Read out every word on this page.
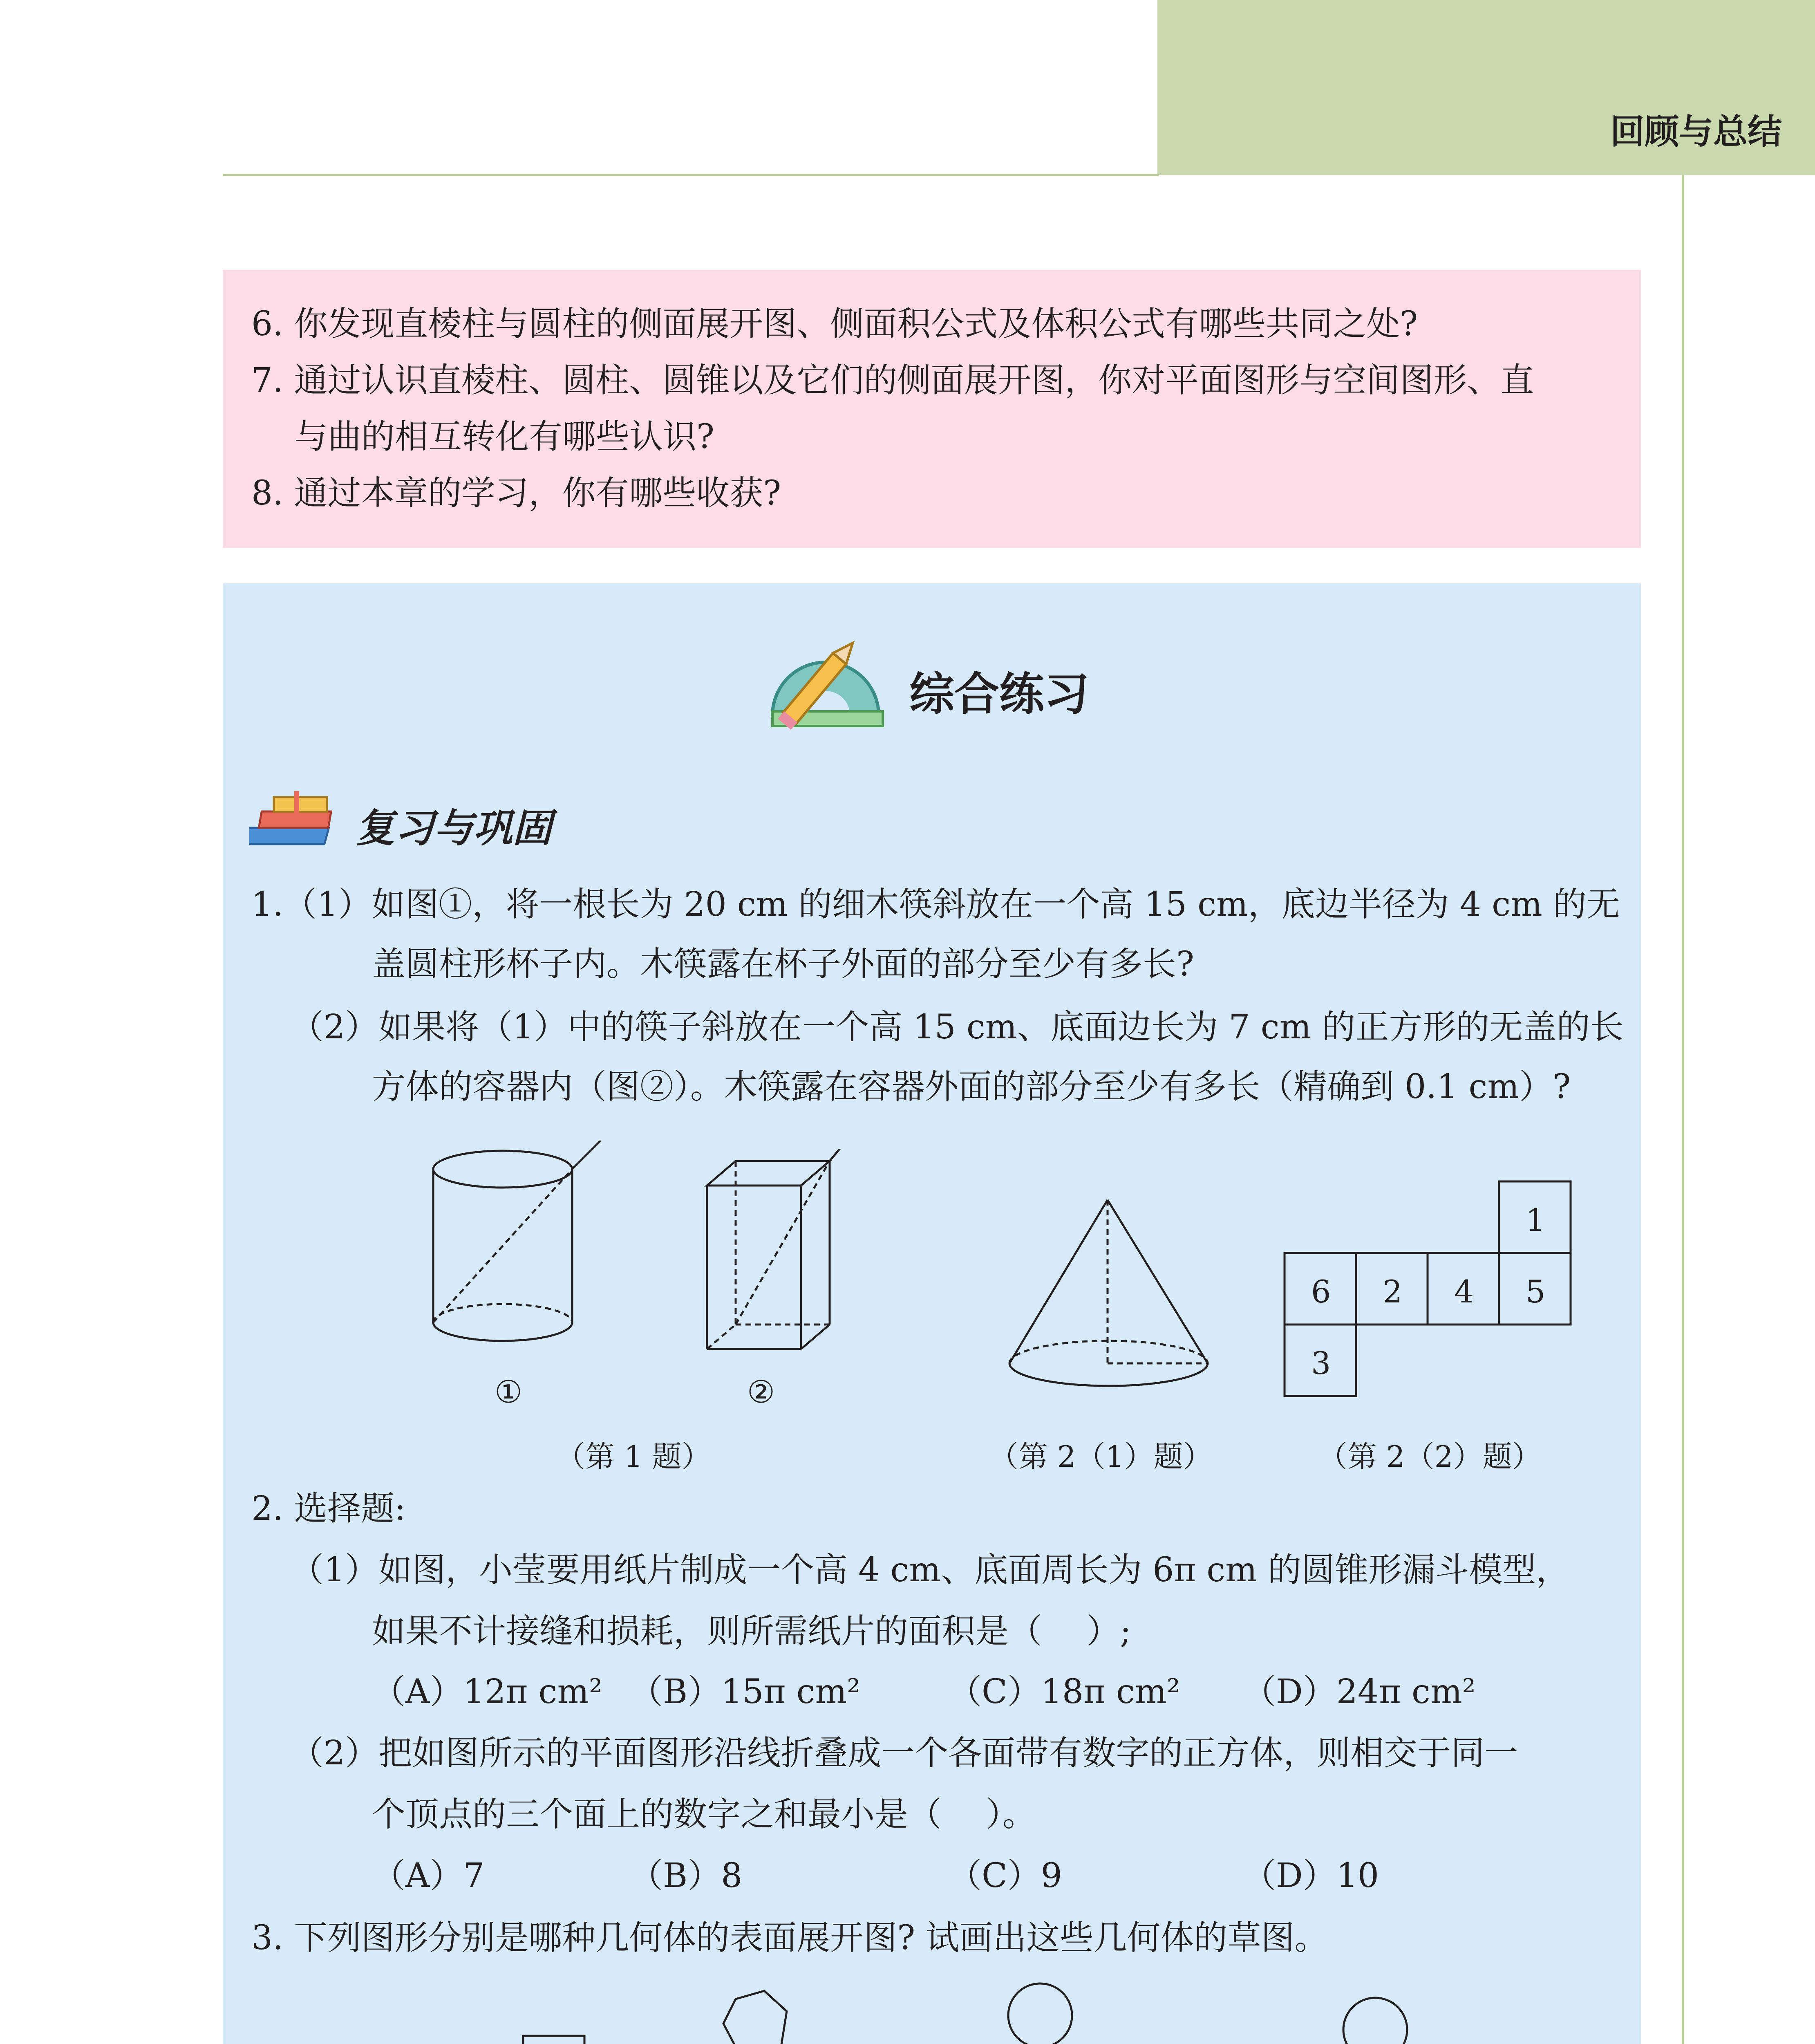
回顾与总结
6. 你发现直棱柱与圆柱的侧面展开图、侧面积公式及体积公式有哪些共同之处?
7. 通过认识直棱柱、圆柱、圆锥以及它们的侧面展开图，你对平面图形与空间图形、直
与曲的相互转化有哪些认识?
8. 通过本章的学习，你有哪些收获?
综合练习
复习与巩固
1.（1）如图①，将一根长为 20 cm 的细木筷斜放在一个高 15 cm，底边半径为 4 cm 的无
盖圆柱形杯子内。木筷露在杯子外面的部分至少有多长?
（2）如果将（1）中的筷子斜放在一个高 15 cm、底面边长为 7 cm 的正方形的无盖的长
方体的容器内（图②）。木筷露在容器外面的部分至少有多长（精确到 0.1 cm）?
①	②
（第 1 题）	（第 2（1）题）
1
6 2 4 5
3
（第 2（2）题）
2. 选择题:
（1）如图，小莹要用纸片制成一个高 4 cm、底面周长为 6π cm 的圆锥形漏斗模型，
如果不计接缝和损耗，则所需纸片的面积是（　 ）;
（A）12π cm² （B）15π cm²	（C）18π cm² （D）24π cm²
（2）把如图所示的平面图形沿线折叠成一个各面带有数字的正方体，则相交于同一
个顶点的三个面上的数字之和最小是（　 ）。
（A）7	（B）8	（C）9	（D）10
3. 下列图形分别是哪种几何体的表面展开图? 试画出这些几何体的草图。
